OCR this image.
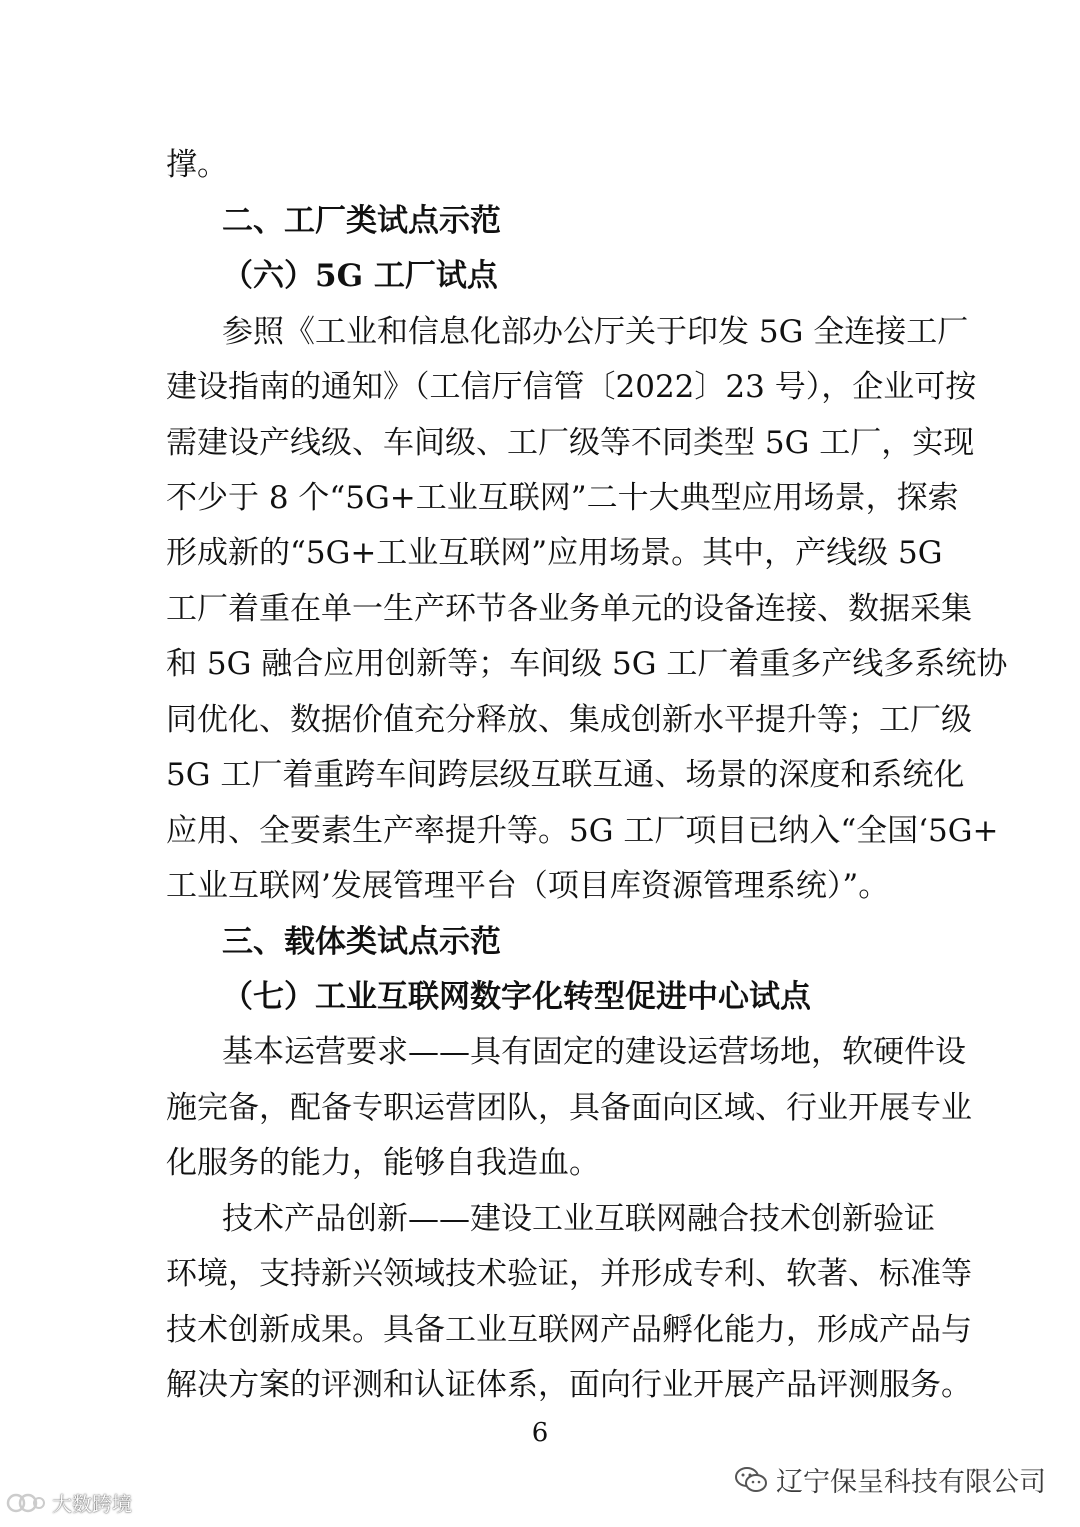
撑。
二、工厂类试点示范
（六）5G 工厂试点
参照《工业和信息化部办公厅关于印发 5G 全连接工厂
建设指南的通知》（工信厅信管〔2022〕23 号），企业可按
需建设产线级、车间级、工厂级等不同类型 5G 工厂，实现
不少于 8 个“5G+工业互联网”二十大典型应用场景，探索
形成新的“5G+工业互联网”应用场景。其中，产线级 5G
工厂着重在单一生产环节各业务单元的设备连接、数据采集
和 5G 融合应用创新等；车间级 5G 工厂着重多产线多系统协
同优化、数据价值充分释放、集成创新水平提升等；工厂级
5G 工厂着重跨车间跨层级互联互通、场景的深度和系统化
应用、全要素生产率提升等。5G 工厂项目已纳入“全国‘5G+
工业互联网’发展管理平台（项目库资源管理系统）”。
三、载体类试点示范
（七）工业互联网数字化转型促进中心试点
基本运营要求——具有固定的建设运营场地，软硬件设
施完备，配备专职运营团队，具备面向区域、行业开展专业
化服务的能力，能够自我造血。
技术产品创新——建设工业互联网融合技术创新验证
环境，支持新兴领域技术验证，并形成专利、软著、标准等
技术创新成果。具备工业互联网产品孵化能力，形成产品与
解决方案的评测和认证体系，面向行业开展产品评测服务。
6
辽宁保呈科技有限公司
大数跨境
